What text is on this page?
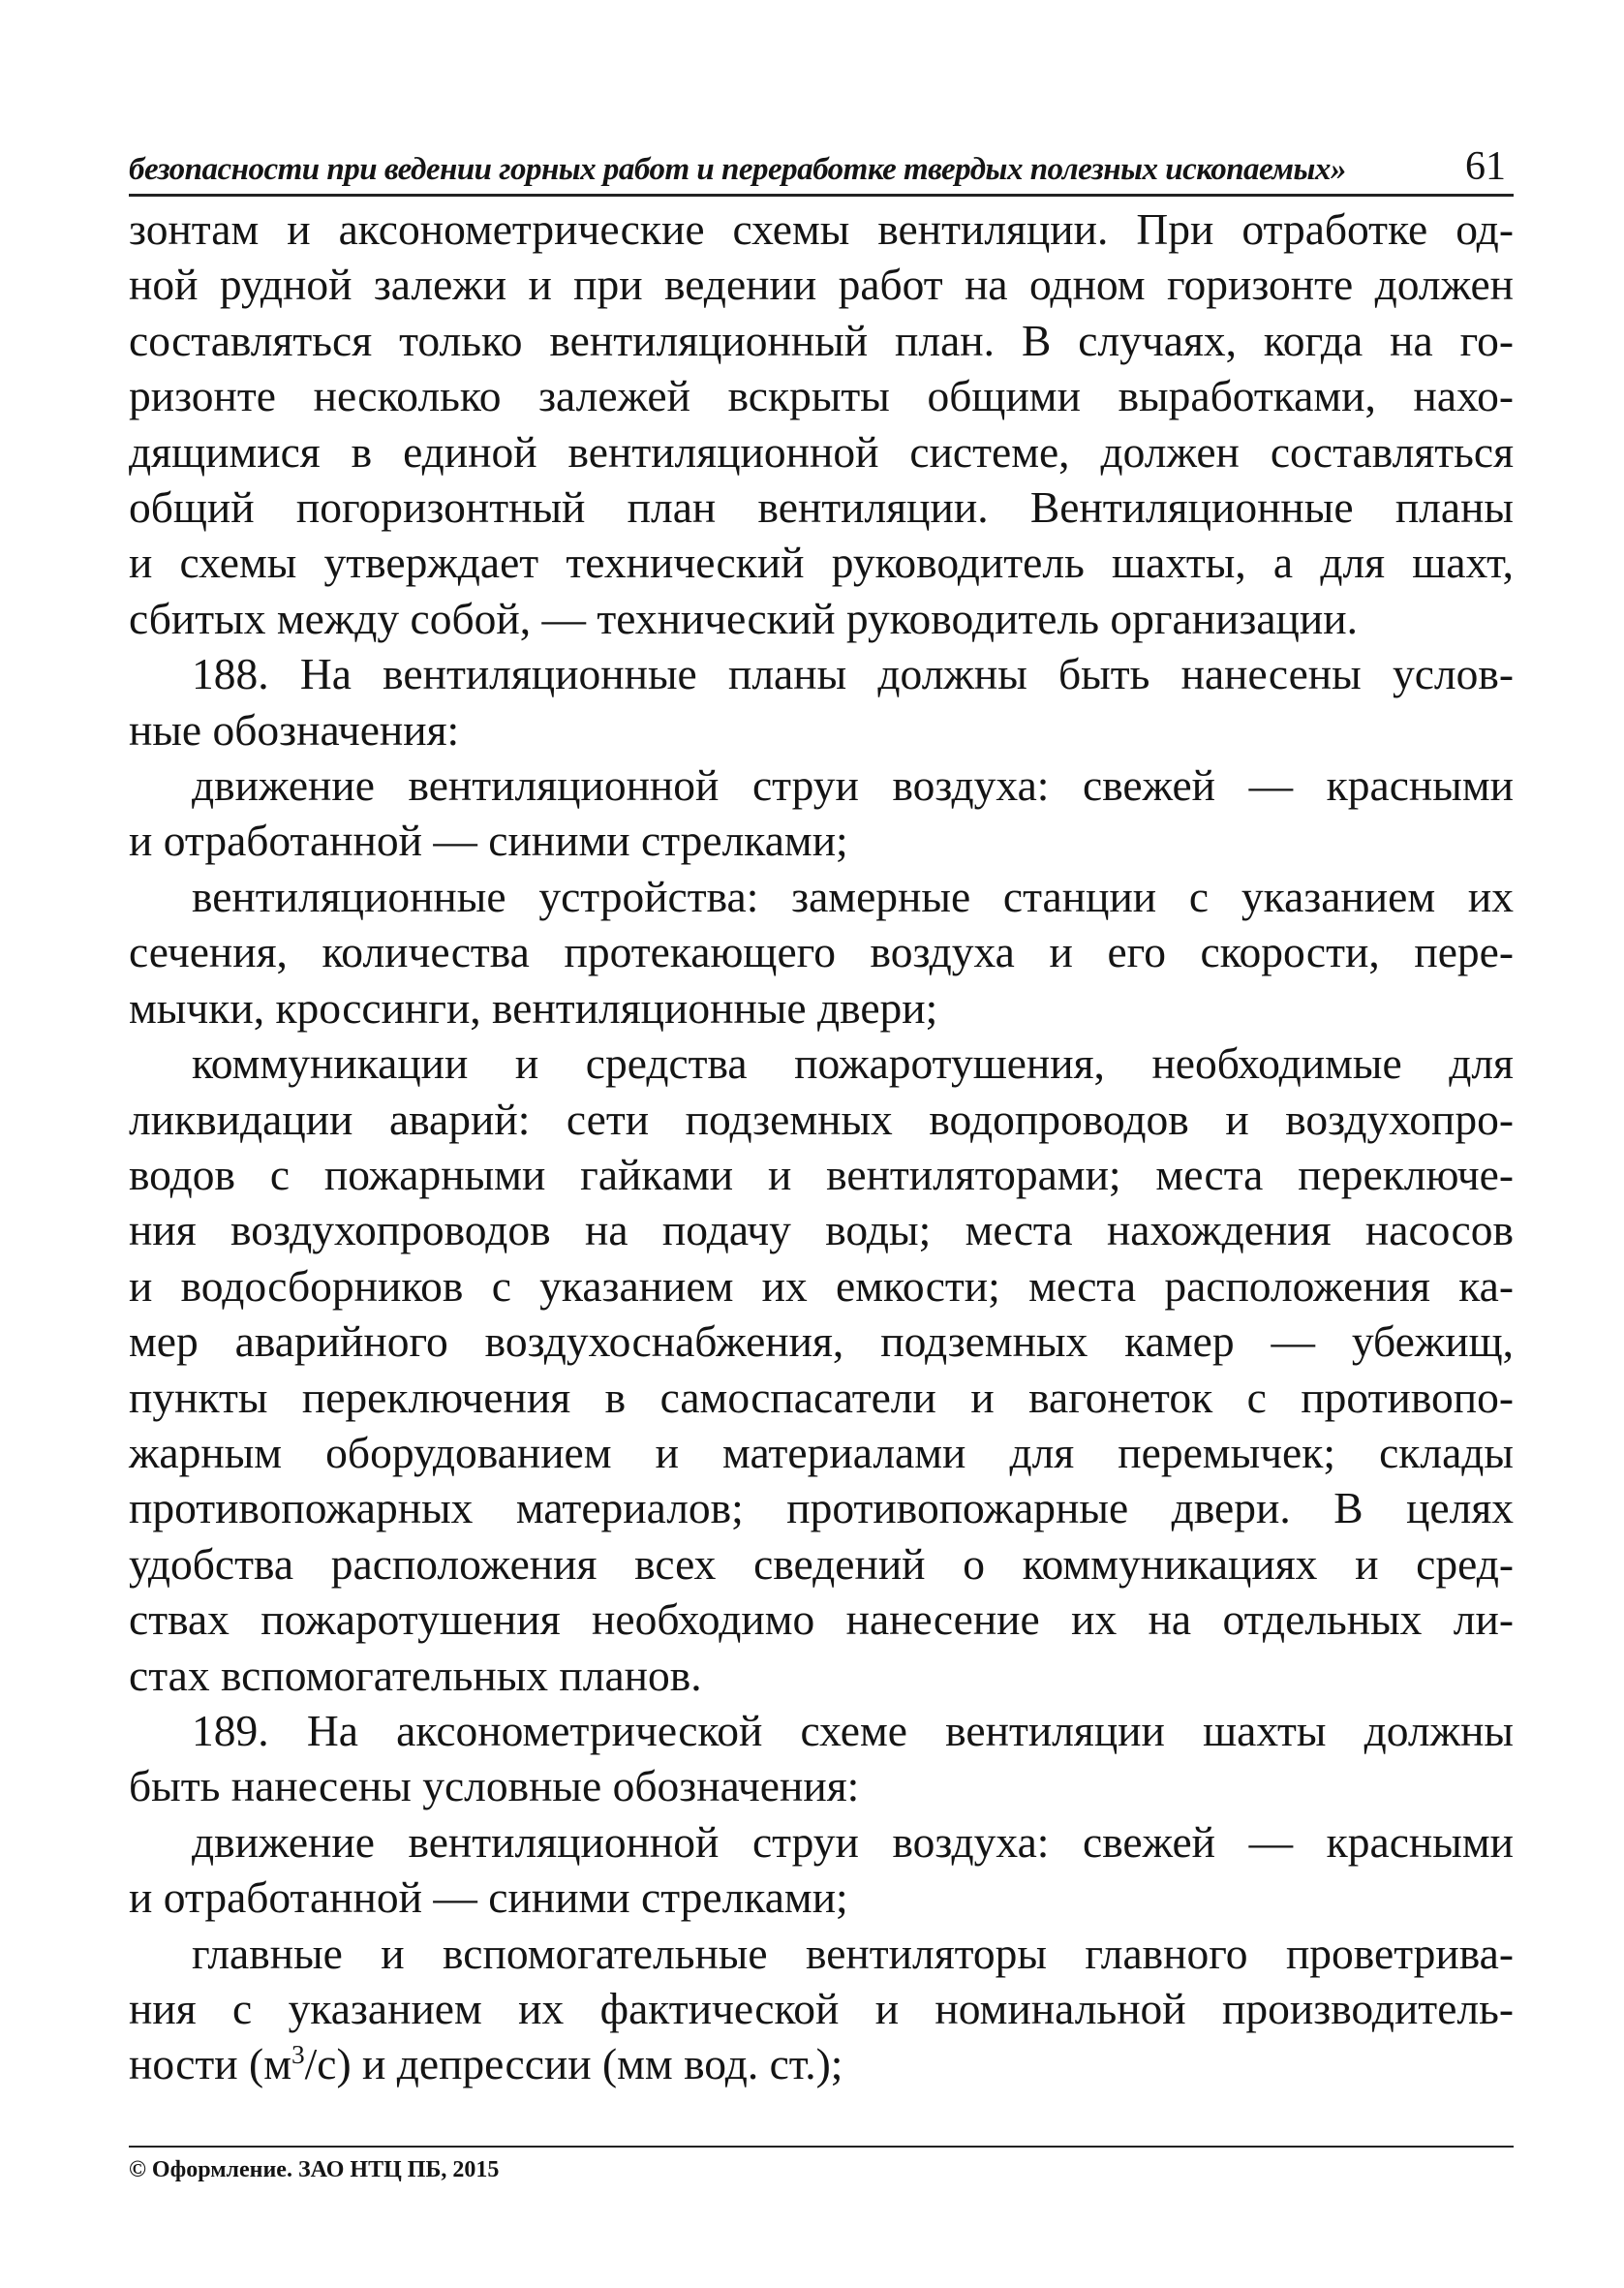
безопасности при ведении горных работ и переработке твердых полезных ископаемых»	61
зонтам и аксонометрические схемы вентиляции. При отработке од-
ной рудной залежи и при ведении работ на одном горизонте должен
составляться только вентиляционный план. В случаях, когда на го-
ризонте несколько залежей вскрыты общими выработками, нахо-
дящимися в единой вентиляционной системе, должен составляться
общий погоризонтный план вентиляции. Вентиляционные планы
и схемы утверждает технический руководитель шахты, а для шахт,
сбитых между собой, — технический руководитель организации.
188. На вентиляционные планы должны быть нанесены услов-
ные обозначения:
движение вентиляционной струи воздуха: свежей — красными
и отработанной — синими стрелками;
вентиляционные устройства: замерные станции с указанием их
сечения, количества протекающего воздуха и его скорости, пере-
мычки, кроссинги, вентиляционные двери;
коммуникации и средства пожаротушения, необходимые для
ликвидации аварий: сети подземных водопроводов и воздухопро-
водов с пожарными гайками и вентиляторами; места переключе-
ния воздухопроводов на подачу воды; места нахождения насосов
и водосборников с указанием их емкости; места расположения ка-
мер аварийного воздухоснабжения, подземных камер — убежищ,
пункты переключения в самоспасатели и вагонеток с противопо-
жарным оборудованием и материалами для перемычек; склады
противопожарных материалов; противопожарные двери. В целях
удобства расположения всех сведений о коммуникациях и сред-
ствах пожаротушения необходимо нанесение их на отдельных ли-
стах вспомогательных планов.
189. На аксонометрической схеме вентиляции шахты должны
быть нанесены условные обозначения:
движение вентиляционной струи воздуха: свежей — красными
и отработанной — синими стрелками;
главные и вспомогательные вентиляторы главного проветрива-
ния с указанием их фактической и номинальной производитель-
ности $(м^3/с)$ и депрессии (мм вод. ст.);
© Оформление. ЗАО НТЦ ПБ, 2015
